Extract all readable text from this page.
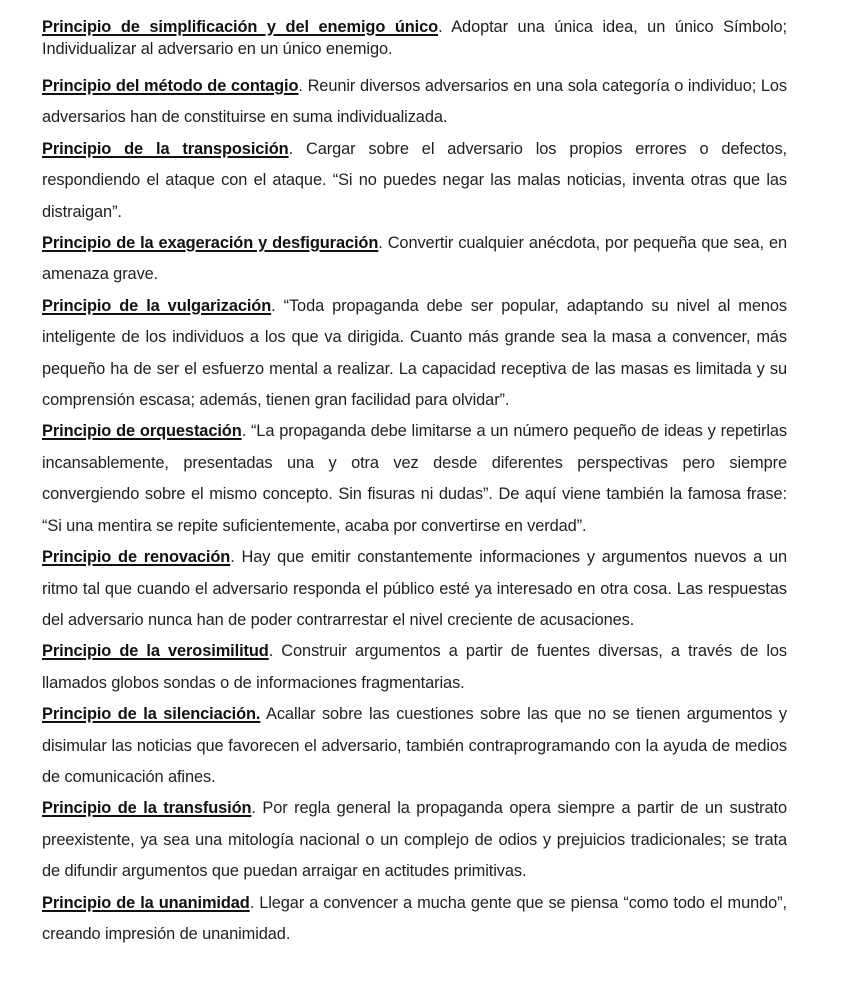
Principio de simplificación y del enemigo único. Adoptar una única idea, un único Símbolo; Individualizar al adversario en un único enemigo.

Principio del método de contagio. Reunir diversos adversarios en una sola categoría o individuo; Los adversarios han de constituirse en suma individualizada.

Principio de la transposición. Cargar sobre el adversario los propios errores o defectos, respondiendo el ataque con el ataque. “Si no puedes negar las malas noticias, inventa otras que las distraigan”.

Principio de la exageración y desfiguración. Convertir cualquier anécdota, por pequeña que sea, en amenaza grave.

Principio de la vulgarización. “Toda propaganda debe ser popular, adaptando su nivel al menos inteligente de los individuos a los que va dirigida. Cuanto más grande sea la masa a convencer, más pequeño ha de ser el esfuerzo mental a realizar. La capacidad receptiva de las masas es limitada y su comprensión escasa; además, tienen gran facilidad para olvidar”.

Principio de orquestación. “La propaganda debe limitarse a un número pequeño de ideas y repetirlas incansablemente, presentadas una y otra vez desde diferentes perspectivas pero siempre convergiendo sobre el mismo concepto. Sin fisuras ni dudas”. De aquí viene también la famosa frase: “Si una mentira se repite suficientemente, acaba por convertirse en verdad”.

Principio de renovación. Hay que emitir constantemente informaciones y argumentos nuevos a un ritmo tal que cuando el adversario responda el público esté ya interesado en otra cosa. Las respuestas del adversario nunca han de poder contrarrestar el nivel creciente de acusaciones.

Principio de la verosimilitud. Construir argumentos a partir de fuentes diversas, a través de los llamados globos sondas o de informaciones fragmentarias.

Principio de la silenciación. Acallar sobre las cuestiones sobre las que no se tienen argumentos y disimular las noticias que favorecen el adversario, también contraprogramando con la ayuda de medios de comunicación afines.

Principio de la transfusión. Por regla general la propaganda opera siempre a partir de un sustrato preexistente, ya sea una mitología nacional o un complejo de odios y prejuicios tradicionales; se trata de difundir argumentos que puedan arraigar en actitudes primitivas.

Principio de la unanimidad. Llegar a convencer a mucha gente que se piensa “como todo el mundo”, creando impresión de unanimidad.
